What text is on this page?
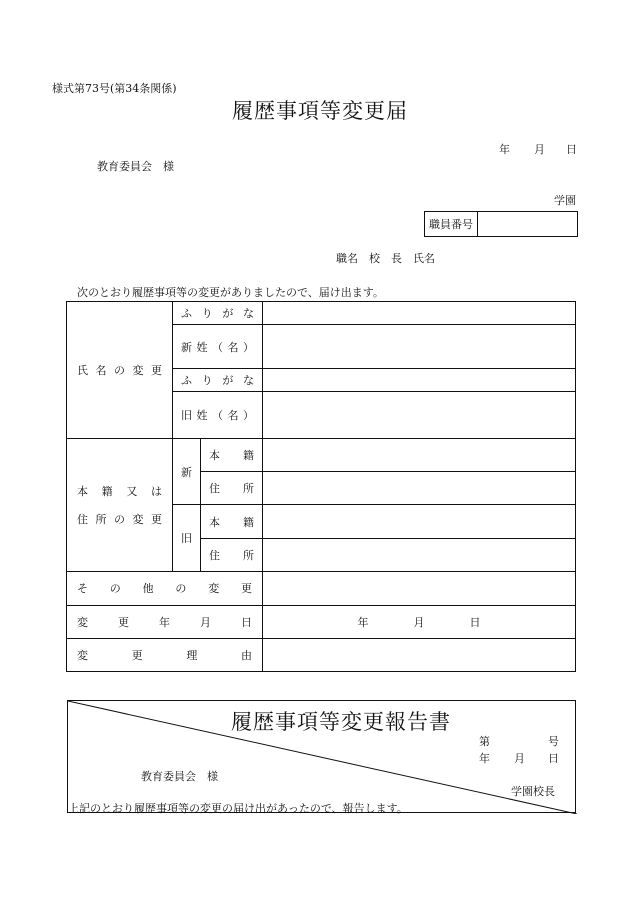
様式第73号(第34条関係)
履歴事項等変更届
年 月 日
教育委員会　様
学園
職員番号
職名　校　長　氏名
次のとおり履歴事項等の変更がありましたので、届け出ます。
氏名の変更	ふりがな		
	新姓（名）		
	ふりがな		
	旧姓（名）		

本籍又は
住所の変更	新	本籍	
		住所	
	旧	本籍	
		住所	
その他の変更			
変更年月日			年 月 日
変更理由			
履歴事項等変更報告書
第	号
年 月 日
教育委員会　様
学園校長
上記のとおり履歴事項等の変更の届け出があったので、報告します。
